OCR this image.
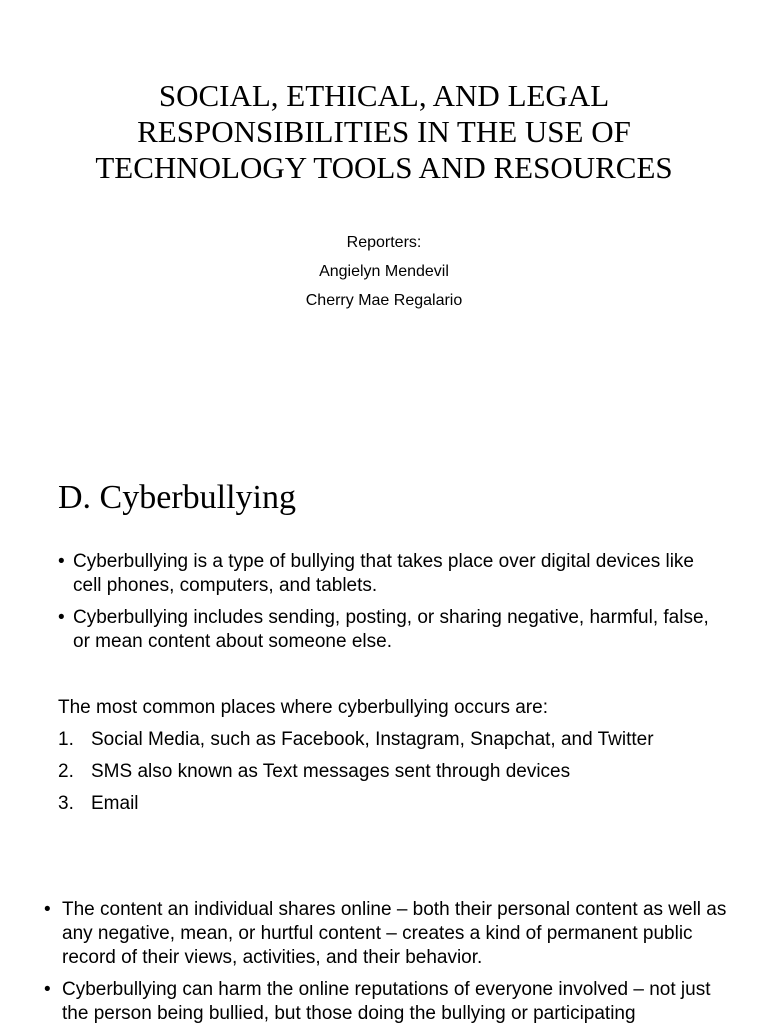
SOCIAL, ETHICAL, AND LEGAL RESPONSIBILITIES IN THE USE OF TECHNOLOGY TOOLS AND RESOURCES
Reporters:
Angielyn Mendevil
Cherry Mae Regalario
D. Cyberbullying
• Cyberbullying is a type of bullying that takes place over digital devices like cell phones, computers, and tablets.
• Cyberbullying includes sending, posting, or sharing negative, harmful, false, or mean content about someone else.
The most common places where cyberbullying occurs are:
1. Social Media, such as Facebook, Instagram, Snapchat, and Twitter
2. SMS also known as Text messages sent through devices
3. Email
• The content an individual shares online – both their personal content as well as any negative, mean, or hurtful content – creates a kind of permanent public record of their views, activities, and their behavior.
• Cyberbullying can harm the online reputations of everyone involved – not just the person being bullied, but those doing the bullying or participating
